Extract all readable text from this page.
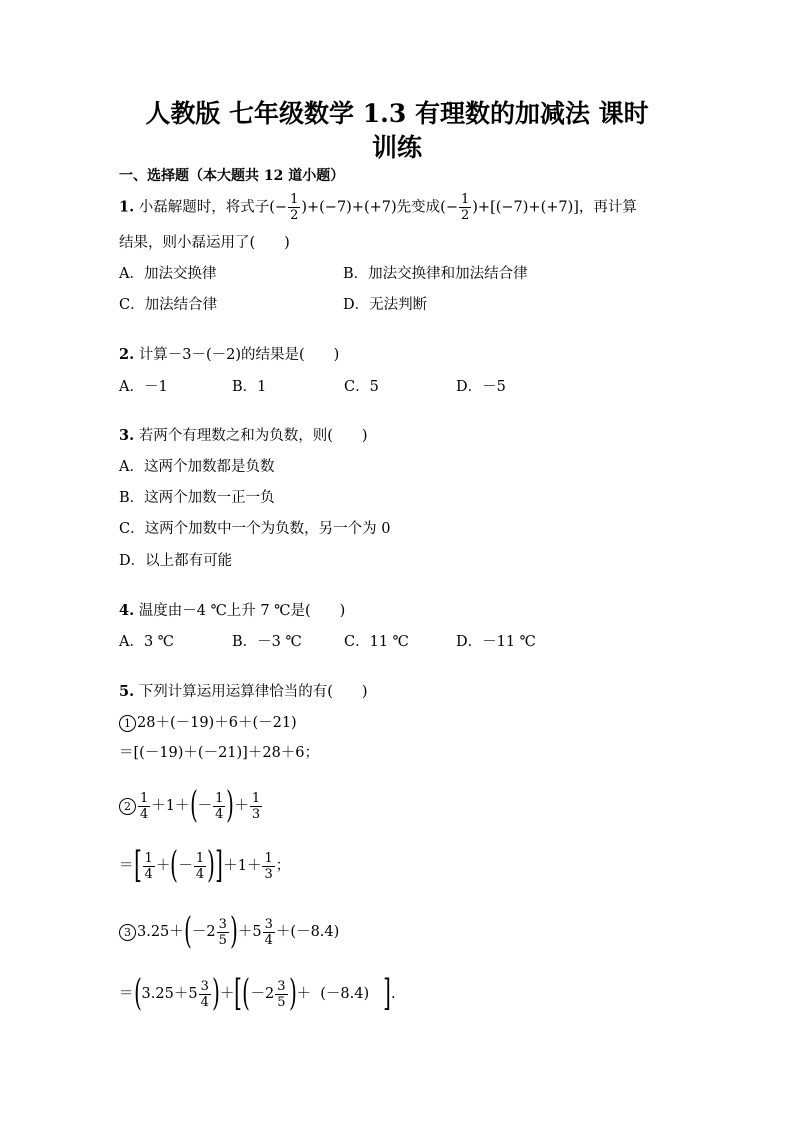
人教版 七年级数学 1.3 有理数的加减法 课时
训练
一、选择题（本大题共 12 道小题）
1. 小磊解题时，将式子(− $\frac{1}{2} )+(-7)+(+7)$先变成(− $\frac{1}{2} )+[(-7)+(+7)]$，再计算
结果，则小磊运用了(　　)
A．加法交换律	B．加法交换律和加法结合律
C．加法结合律	D．无法判断
2. 计算－3－(－2)的结果是(　　)
A．－1	B．1	C．5	D．－5
3. 若两个有理数之和为负数，则(　　)
A．这两个加数都是负数
B．这两个加数一正一负
C．这两个加数中一个为负数，另一个为 0
D．以上都有可能
4. 温度由－4 ℃上升 7 ℃是(　　)
A．3 ℃	B．－3 ℃	C．11 ℃	D．－11 ℃
5. 下列计算运用运算律恰当的有(　　)
1 28＋(－19)＋6＋(－21)
＝[(－19)＋(－21)]＋28＋6；
$2 \frac{1}{4} +1+(- \frac{1}{4}$ )＋ $\frac{1}{3}$
＝[ $\frac{1}{4}$ ＋(－ $\frac{1}{4} )]+1+ \frac{1}{3}$ ；
3 $3.25+(-2 \frac{3}{5} )+5 \frac{3}{4} +(-8.4)$
$=(3.25+5 \frac{3}{4} )+[(-2 \frac{3}{5}$ )＋ (－8.4) ].
